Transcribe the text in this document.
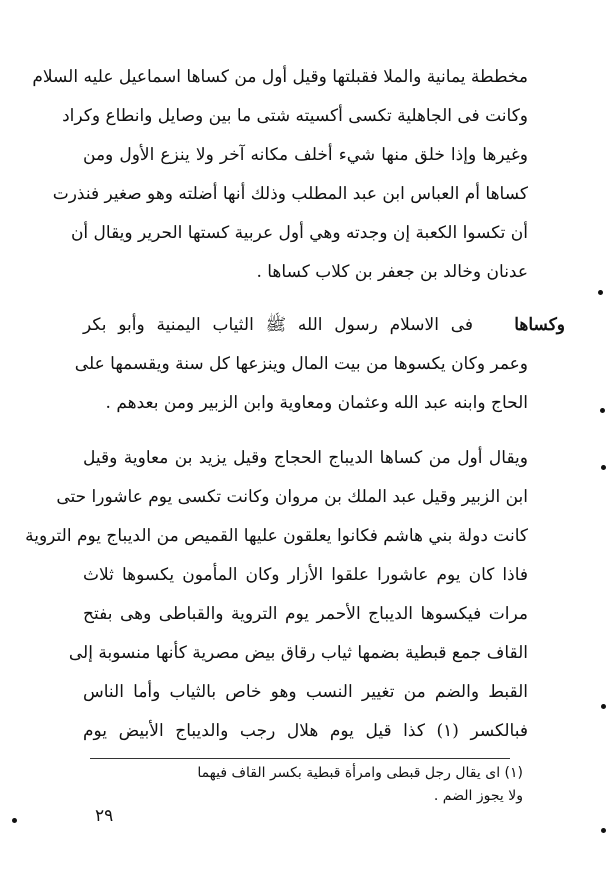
مخططة يمانية والملا فقبلتها وقيل أول من كساها اسماعيل عليه السلام
وكانت فى الجاهلية تكسى أكسيته شتى ما بين وصايل وانطاع وكراد
وغيرها وإذا خلق منها شيء أخلف مكانه آخر ولا ينزع الأول ومن
كساها أم العباس ابن عبد المطلب وذلك أنها أضلته وهو صغير فنذرت
أن تكسوا الكعبة إن وجدته وهي أول عربية كستها الحرير ويقال أن
عدنان وخالد بن جعفر بن كلاب كساها .
وكساها
فى الاسلام رسول الله ﷺ الثياب اليمنية وأبو بكر
وعمر وكان يكسوها من بيت المال وينزعها كل سنة ويقسمها على
الحاج وابنه عبد الله وعثمان ومعاوية وابن الزبير ومن بعدهم .
ويقال أول من كساها الديباج الحجاج وقيل يزيد بن معاوية وقيل
ابن الزبير وقيل عبد الملك بن مروان وكانت تكسى يوم عاشورا حتى
كانت دولة بني هاشم فكانوا يعلقون عليها القميص من الديباج يوم التروية
فاذا كان يوم عاشورا علقوا الأزار وكان المأمون يكسوها ثلاث
مرات فيكسوها الديباج الأحمر يوم التروية والقباطى وهى بفتح
القاف جمع قبطية بضمها ثياب رقاق بيض مصرية كأنها منسوبة إلى
القبط والضم من تغيير النسب وهو خاص بالثياب وأما الناس
فبالكسر (١) كذا قيل يوم هلال رجب والديباج الأبيض يوم
(١) اى يقال رجل قبطى وامرأة قبطية بكسر القاف فيهما
ولا يجوز الضم .
٢٩
